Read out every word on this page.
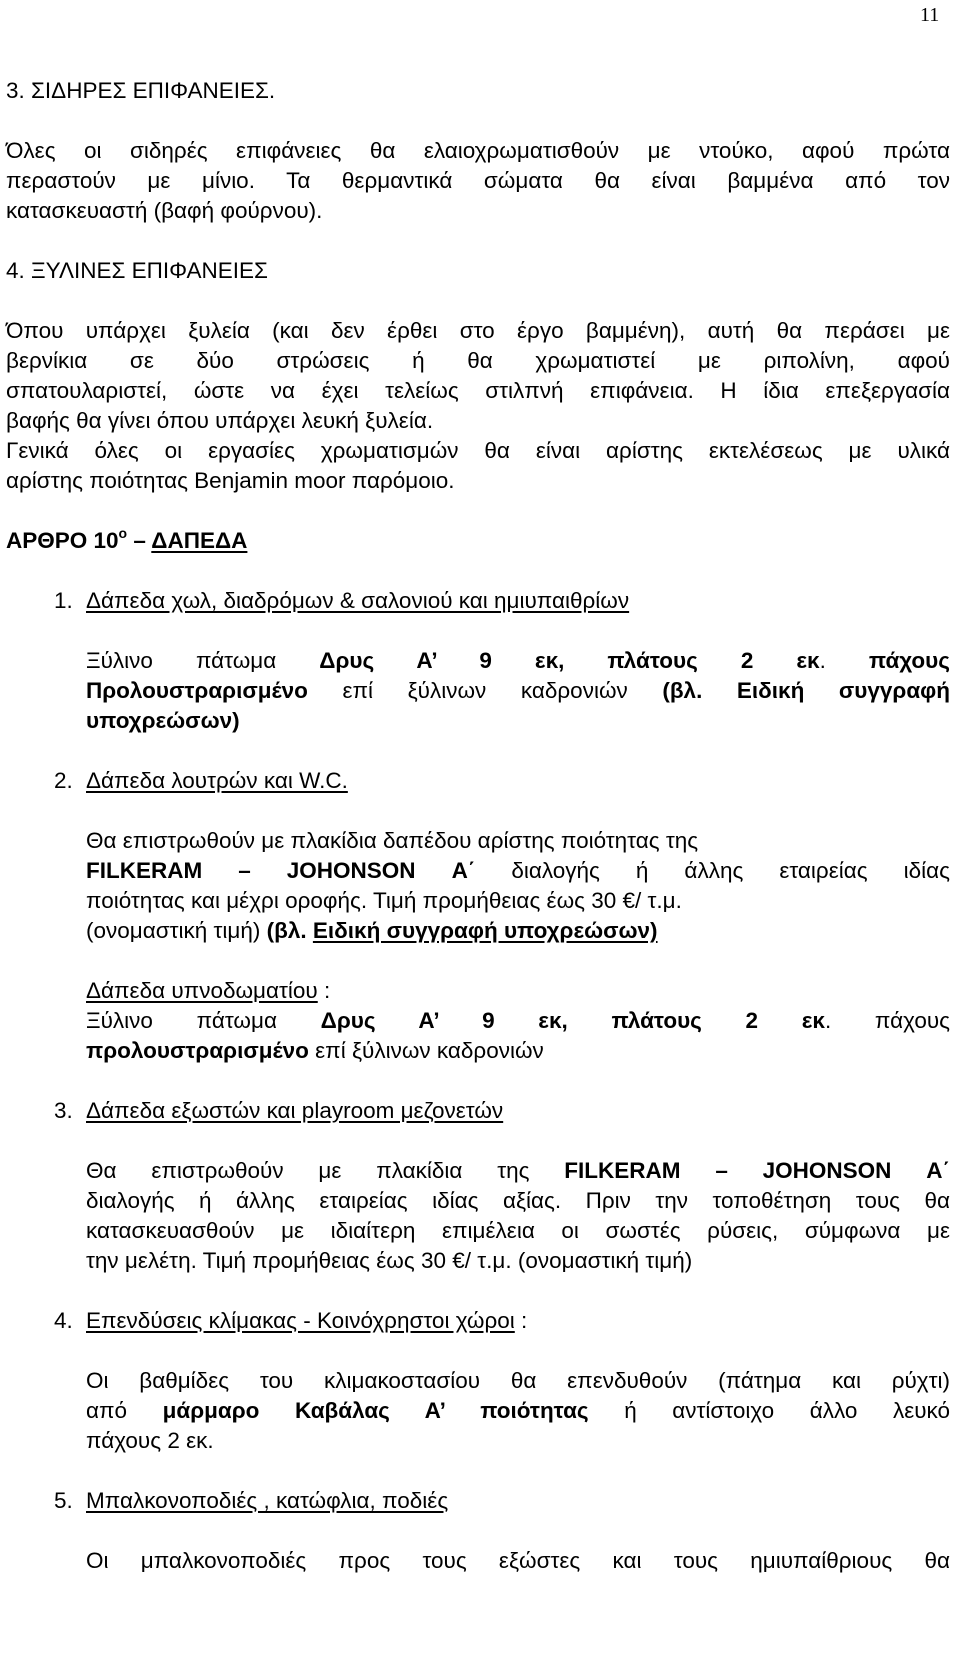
11
3. ΣΙΔΗΡΕΣ ΕΠΙΦΑΝΕΙΕΣ.
Όλες οι σιδηρές επιφάνειες θα ελαιοχρωματισθούν με ντούκο, αφού πρώτα
περαστούν με μίνιο. Τα θερμαντικά σώματα θα είναι βαμμένα από τον
κατασκευαστή (βαφή φούρνου).
4. ΞΥΛΙΝΕΣ ΕΠΙΦΑΝΕΙΕΣ
Όπου υπάρχει ξυλεία (και δεν έρθει στο έργο βαμμένη), αυτή θα περάσει με
βερνίκια σε δύο στρώσεις ή θα χρωματιστεί με ριπολίνη, αφού
σπατουλαριστεί, ώστε να έχει τελείως στιλπνή επιφάνεια. Η ίδια επεξεργασία
βαφής θα γίνει όπου υπάρχει λευκή ξυλεία.
Γενικά όλες οι εργασίες χρωματισμών θα είναι αρίστης εκτελέσεως με υλικά
αρίστης ποιότητας Benjamin moor παρόμοιο.
ΑΡΘΡΟ $10^o$ – ΔΑΠΕΔΑ
1. Δάπεδα χωλ, διαδρόμων & σαλονιού και ημιυπαιθρίων
Ξύλινο πάτωμα Δρυς Α’ 9 εκ, πλάτους 2 εκ. πάχους
Προλουστραρισμένο επί ξύλινων καδρονιών (βλ. Ειδική συγγραφή
υποχρεώσων)
2. Δάπεδα λουτρών και W.C.
Θα επιστρωθούν με πλακίδια δαπέδου αρίστης ποιότητας της
FILKERAM – JOHONSON Α΄ διαλογής ή άλλης εταιρείας ιδίας
ποιότητας και μέχρι οροφής. Τιμή προμήθειας έως 30 €/ τ.μ.
(ονομαστική τιμή) (βλ. Ειδική συγγραφή υποχρεώσων)
Δάπεδα υπνοδωματίου :
Ξύλινο πάτωμα Δρυς Α’ 9 εκ, πλάτους 2 εκ. πάχους
προλουστραρισμένο επί ξύλινων καδρονιών
3. Δάπεδα εξωστών και playroom μεζονετών
Θα επιστρωθούν με πλακίδια της FILKERAM – JOHONSON Α΄
διαλογής ή άλλης εταιρείας ιδίας αξίας. Πριν την τοποθέτηση τους θα
κατασκευασθούν με ιδιαίτερη επιμέλεια οι σωστές ρύσεις, σύμφωνα με
την μελέτη. Τιμή προμήθειας έως 30 €/ τ.μ. (ονομαστική τιμή)
4. Επενδύσεις κλίμακας - Κοινόχρηστοι χώροι :
Οι βαθμίδες του κλιμακοστασίου θα επενδυθούν (πάτημα και ρύχτι)
από μάρμαρο Καβάλας Α’ ποιότητας ή αντίστοιχο άλλο λευκό
πάχους 2 εκ.
5. Μπαλκονοποδιές , κατώφλια, ποδιές
Οι μπαλκονοποδιές προς τους εξώστες και τους ημιυπαίθριους θα
